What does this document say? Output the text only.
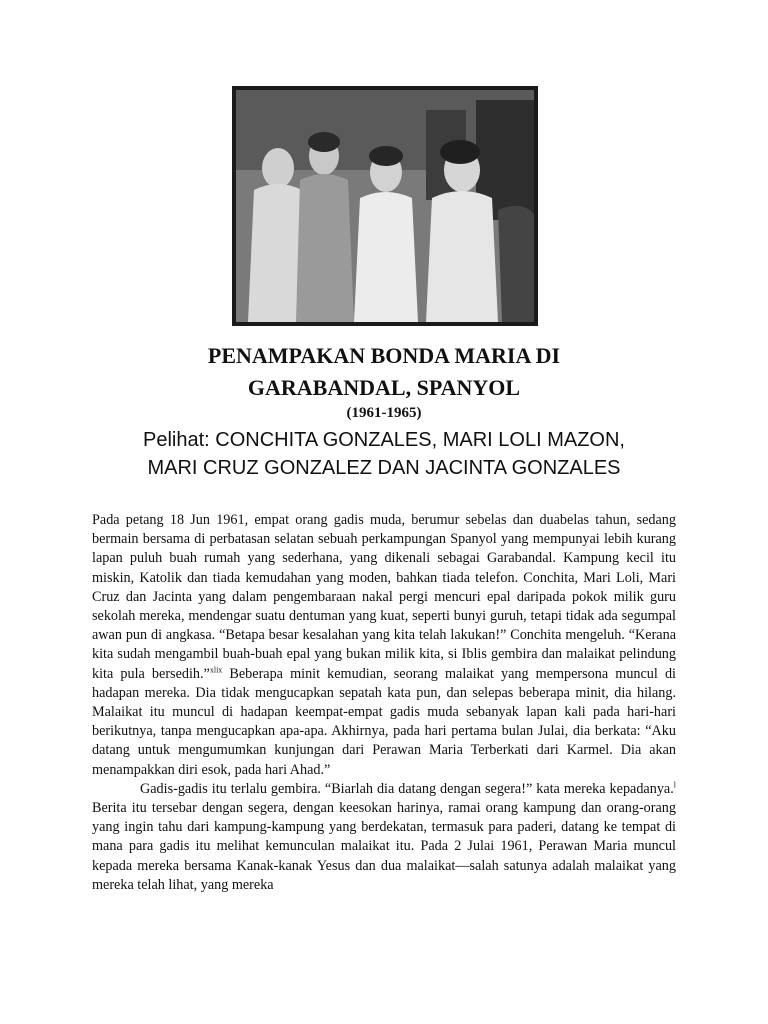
PENAMPAKAN BONDA MARIA DI
GARABANDAL, SPANYOL
(1961-1965)
Pelihat: CONCHITA GONZALES, MARI LOLI MAZON,
MARI CRUZ GONZALEZ DAN JACINTA GONZALES

Pada petang 18 Jun 1961, empat orang gadis muda, berumur sebelas dan duabelas tahun, sedang bermain bersama di perbatasan selatan sebuah perkampungan Spanyol yang mempunyai lebih kurang lapan puluh buah rumah yang sederhana, yang dikenali sebagai Garabandal. Kampung kecil itu miskin, Katolik dan tiada kemudahan yang moden, bahkan tiada telefon. Conchita, Mari Loli, Mari Cruz dan Jacinta yang dalam pengembaraan nakal pergi mencuri epal daripada pokok milik guru sekolah mereka, mendengar suatu dentuman yang kuat, seperti bunyi guruh, tetapi tidak ada segumpal awan pun di angkasa. “Betapa besar kesalahan yang kita telah lakukan!” Conchita mengeluh. “Kerana kita sudah mengambil buah-buah epal yang bukan milik kita, si Iblis gembira dan malaikat pelindung kita pula bersedih.”$^{xlix}$ Beberapa minit kemudian, seorang malaikat yang mempersona muncul di hadapan mereka. Dia tidak mengucapkan sepatah kata pun, dan selepas beberapa minit, dia hilang. Malaikat itu muncul di hadapan keempat-empat gadis muda sebanyak lapan kali pada hari-hari berikutnya, tanpa mengucapkan apa-apa. Akhirnya, pada hari pertama bulan Julai, dia berkata: “Aku datang untuk mengumumkan kunjungan dari Perawan Maria Terberkati dari Karmel. Dia akan menampakkan diri esok, pada hari Ahad.”

Gadis-gadis itu terlalu gembira. “Biarlah dia datang dengan segera!” kata mereka kepadanya.$^l$ Berita itu tersebar dengan segera, dengan keesokan harinya, ramai orang kampung dan orang-orang yang ingin tahu dari kampung-kampung yang berdekatan, termasuk para paderi, datang ke tempat di mana para gadis itu melihat kemunculan malaikat itu. Pada 2 Julai 1961, Perawan Maria muncul kepada mereka bersama Kanak-kanak Yesus dan dua malaikat—salah satunya adalah malaikat yang mereka telah lihat, yang mereka
